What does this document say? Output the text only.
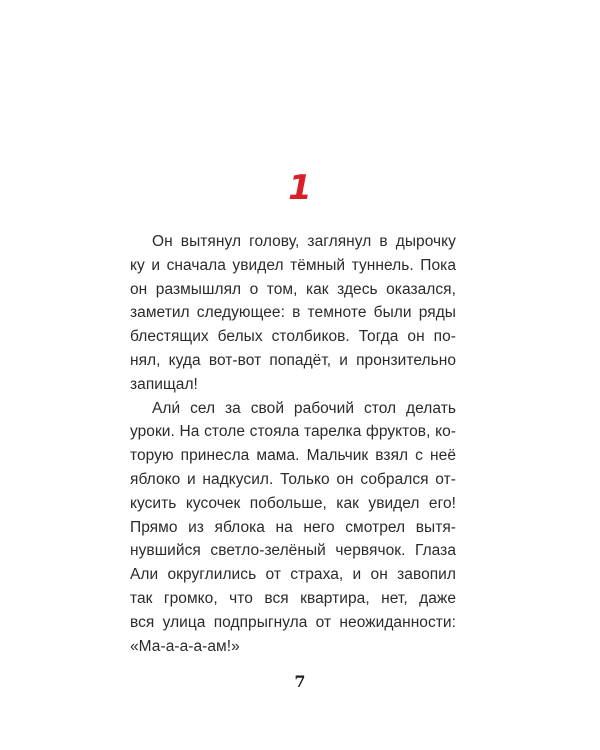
1
Он вытянул голову, заглянул в дырочку
ку и сначала увидел тёмный туннель. Пока
он размышлял о том, как здесь оказался,
заметил следующее: в темноте были ряды
блестящих белых столбиков. Тогда он по-
нял, куда вот-вот попадёт, и пронзительно
запищал!
Али́ сел за свой рабочий стол делать
уроки. На столе стояла тарелка фруктов, ко-
торую принесла мама. Мальчик взял с неё
яблоко и надкусил. Только он собрался от-
кусить кусочек побольше, как увидел его!
Прямо из яблока на него смотрел вытя-
нувшийся светло-зелёный червячок. Глаза
Али округлились от страха, и он завопил
так громко, что вся квартира, нет, даже
вся улица подпрыгнула от неожиданности:
«Ма-а-а-а-ам!»
7
